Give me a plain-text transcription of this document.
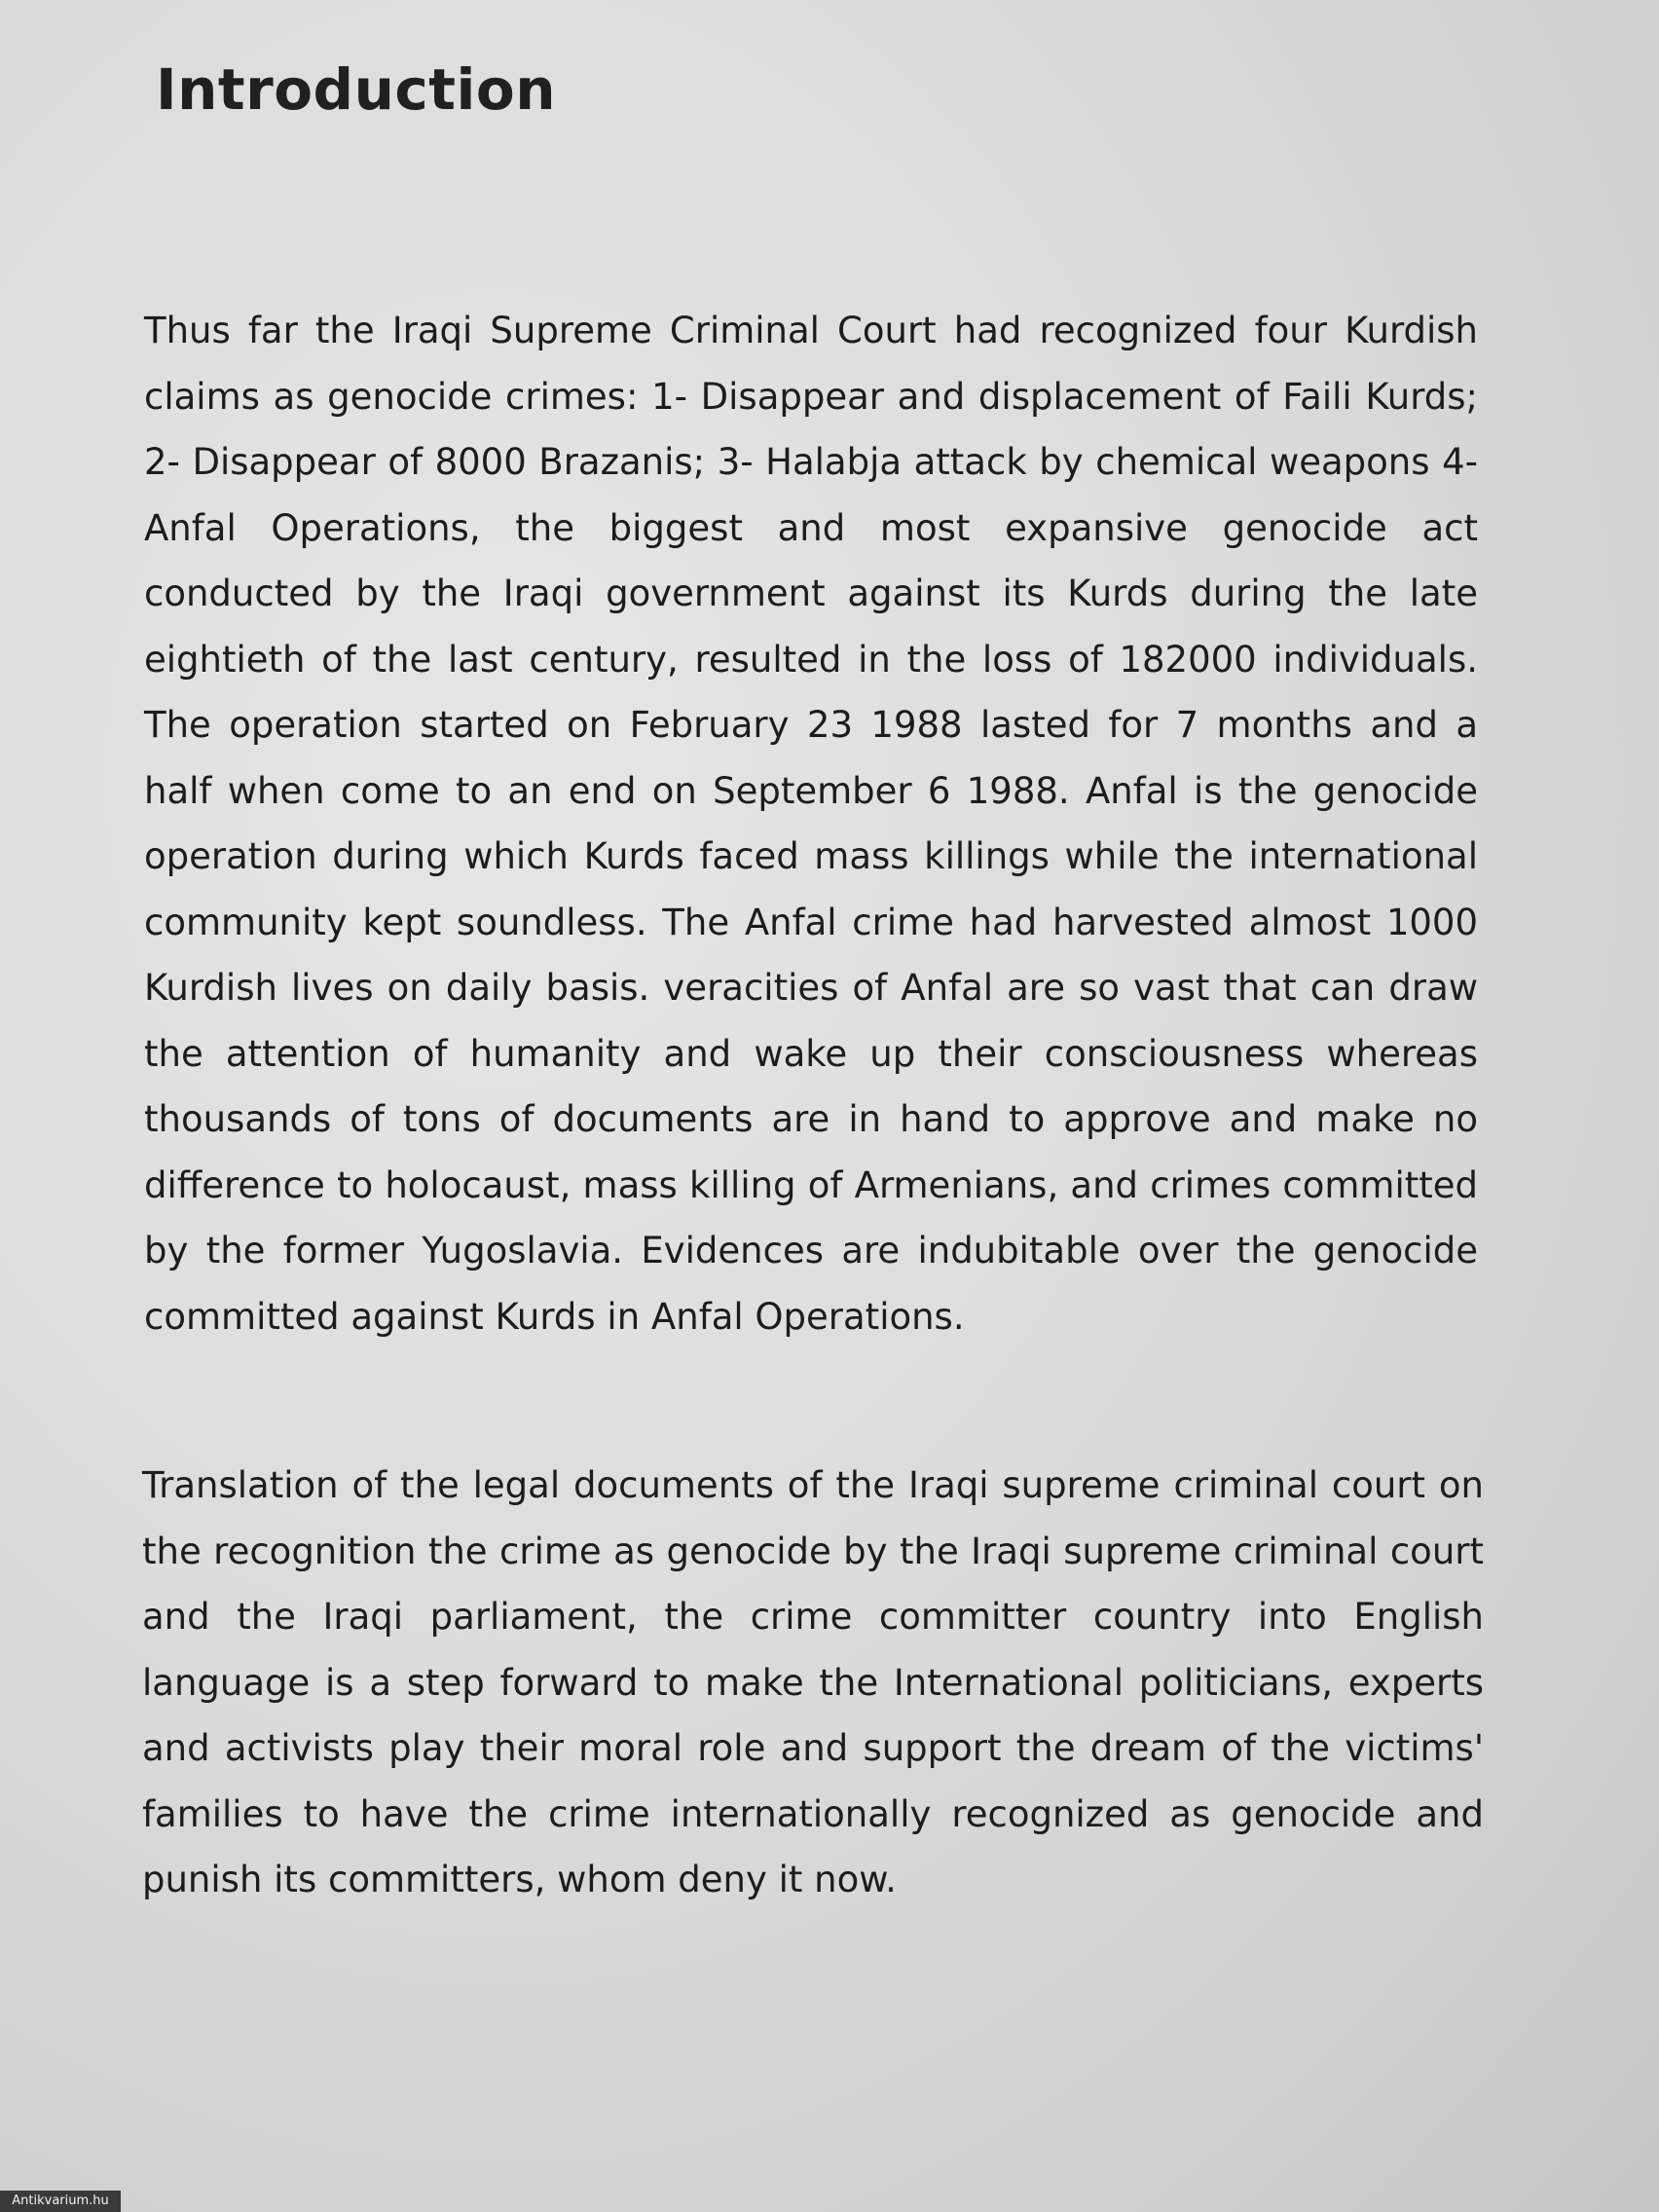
Introduction

Thus far the Iraqi Supreme Criminal Court had recognized four Kurdish claims as genocide crimes: 1- Disappear and displacement of Faili Kurds; 2- Disappear of 8000 Brazanis; 3- Halabja attack by chemical weapons 4- Anfal Operations, the biggest and most expansive genocide act conducted by the Iraqi government against its Kurds during the late eightieth of the last century, resulted in the loss of 182000 individuals. The operation started on February 23 1988 lasted for 7 months and a half when come to an end on September 6 1988. Anfal is the genocide operation during which Kurds faced mass killings while the international community kept soundless. The Anfal crime had harvested almost 1000 Kurdish lives on daily basis. veracities of Anfal are so vast that can draw the attention of humanity and wake up their consciousness whereas thousands of tons of documents are in hand to approve and make no difference to holocaust, mass killing of Armenians, and crimes committed by the former Yugoslavia. Evidences are indubitable over the genocide committed against Kurds in Anfal Operations.

Translation of the legal documents of the Iraqi supreme criminal court on the recognition the crime as genocide by the Iraqi supreme criminal court and the Iraqi parliament, the crime committer country into English language is a step forward to make the International politicians, experts and activists play their moral role and support the dream of the victims' families to have the crime internationally recognized as genocide and punish its committers, whom deny it now.

Antikvarium.hu
